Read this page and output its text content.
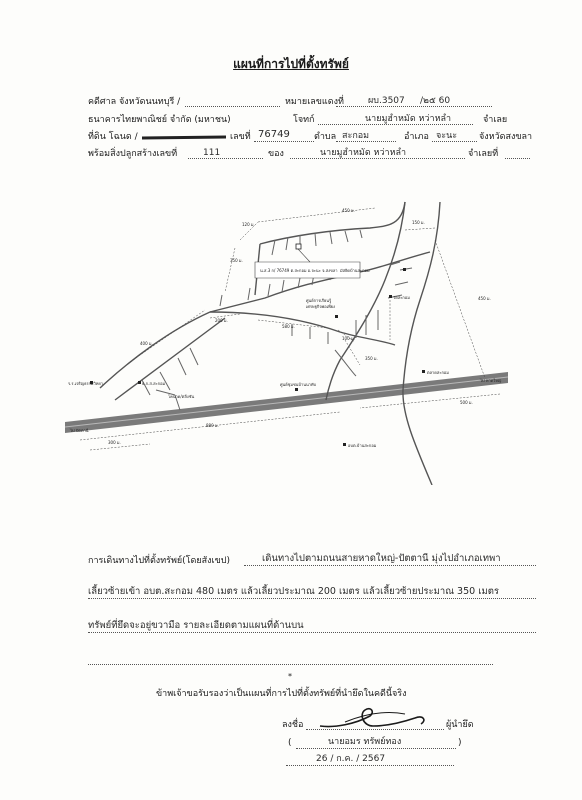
แผนที่การไปที่ตั้งทรัพย์
คดีศาล จังหวัดนนทบุรี /	หมายเลขแดงที่	ผบ.3507 /๒๕ 60
ธนาคารไทยพาณิชย์ จำกัด (มหาชน)	โจทก์	นายมูฮำหมัด หว่าหลำ	จำเลย
ที่ดิน โฉนด /	เลขที่ 76749	ตำบล สะกอม	อำเภอ จะนะ จังหวัดสงขลา
พร้อมสิ่งปลูกสร้างเลขที่	111	ของ	นายมูฮำหมัด หว่าหลำ	จำเลยที่
น.ส.3 ก/ 76749 ต.สะกอม อ.จะนะ จ.สงขลา
ร.ร.เจริญธรรมวิทยา	ธ.ก.ส.สะกอม
โคนาด/ตลิ่งชัน
มัสยิดบ้านสะกอม
ศูนย์การเรียนรู้
เศรษฐกิจพอเพียง
วัดสะกอม
ศูนย์ชุมชนบ้านนาทับ
ตลาดสะกอม
อบต.บ้านสะกอม
ไป ปัตตานี
ไป หาดใหญ่
120 ม.
450 ม.
150 ม.
350 ม.
450 ม.
200 ม.
580 ม.
400 ม.
100 ม.
350 ม.
880 ม.
300 ม.
500 ม.
การเดินทางไปที่ตั้งทรัพย์(โดยสังเขป)	เดินทางไปตามถนนสายหาดใหญ่-ปัตตานี มุ่งไปอำเภอเทพา
เลี้ยวซ้ายเข้า อบต.สะกอม 480 เมตร แล้วเลี้ยวประมาณ 200 เมตร แล้วเลี้ยวซ้ายประมาณ 350 เมตร
ทรัพย์ที่ยึดจะอยู่ขวามือ รายละเอียดตามแผนที่ด้านบน
*
ข้าพเจ้าขอรับรองว่าเป็นแผนที่การไปที่ตั้งทรัพย์ที่นำยึดในคดีนี้จริง
ลงชื่อ	ผู้นำยึด
(	นายอมร ทรัพย์ทอง	)
26 / ก.ค. / 2567
